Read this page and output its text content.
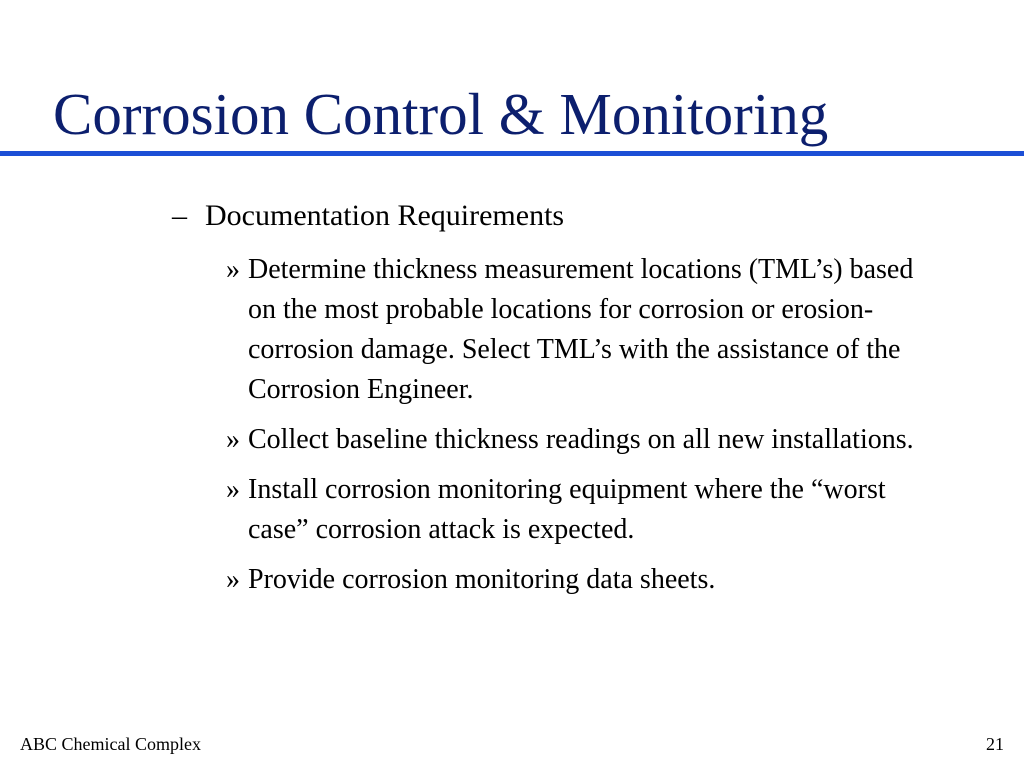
Corrosion Control & Monitoring
– Documentation Requirements
» Determine thickness measurement locations (TML’s) based on the most probable locations for corrosion or erosion-corrosion damage. Select TML’s with the assistance of the Corrosion Engineer.
» Collect baseline thickness readings on all new installations.
» Install corrosion monitoring equipment where the “worst case” corrosion attack is expected.
» Provide corrosion monitoring data sheets.
ABC Chemical Complex	21
